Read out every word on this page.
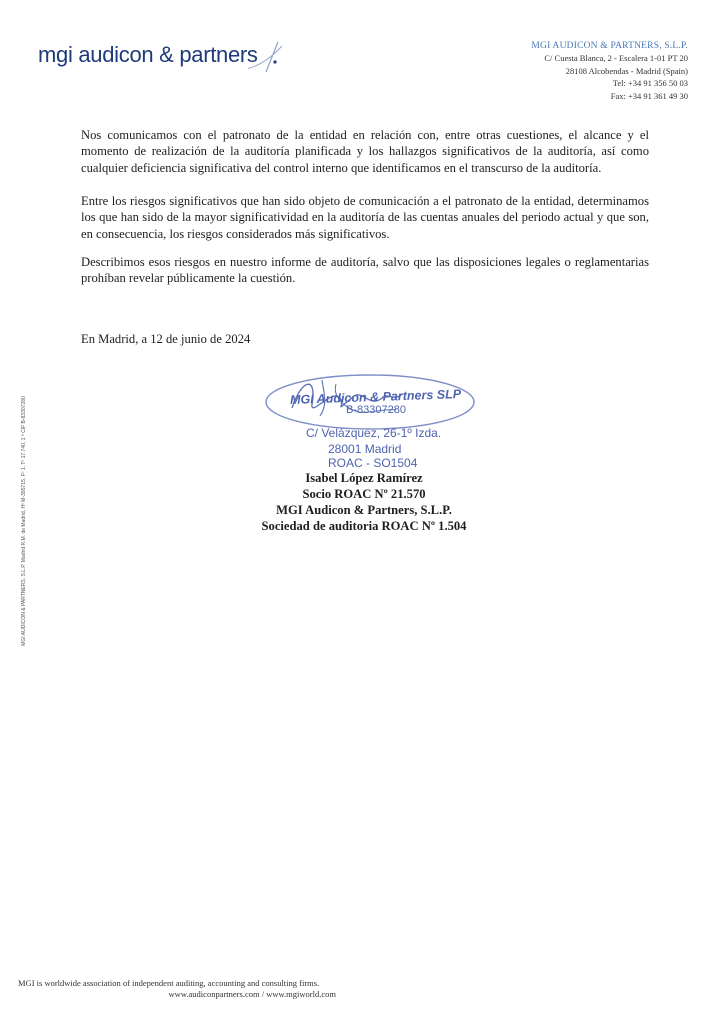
mgi audicon & partners	MGI AUDICON & PARTNERS, S.L.P.
C/ Cuesta Blanca, 2 - Escalera 1-01 PT 20
28108 Alcobendas - Madrid (Spain)
Tel: +34 91 356 50 03
Fax: +34 91 361 49 30
Nos comunicamos con el patronato de la entidad en relación con, entre otras cuestiones, el alcance y el momento de realización de la auditoría planificada y los hallazgos significativos de la auditoría, así como cualquier deficiencia significativa del control interno que identificamos en el transcurso de la auditoría.
Entre los riesgos significativos que han sido objeto de comunicación a el patronato de la entidad, determinamos los que han sido de la mayor significatividad en la auditoría de las cuentas anuales del periodo actual y que son, en consecuencia, los riesgos considerados más significativos.
Describimos esos riesgos en nuestro informe de auditoría, salvo que las disposiciones legales o reglamentarias prohíban revelar públicamente la cuestión.
En Madrid, a 12 de junio de 2024
MGI Audicon & Partners SLP
B-83307280
C/ Velázquez, 26-1º Izda.
28001 Madrid
ROAC - SO1504
Isabel López Ramírez
Socio ROAC Nº 21.570
MGI Audicon & Partners, S.L.P.
Sociedad de auditoria ROAC Nº 1.504
MGI AUDICON & PARTNERS, S.L.P. Madrid R.M. de Madrid, Hº M-395715, Fº 1, Tº 17.740, 1 ª CIF B-83307280
MGI is worldwide association of independent auditing, accounting and consulting firms.
www.audiconpartners.com / www.mgiworld.com
